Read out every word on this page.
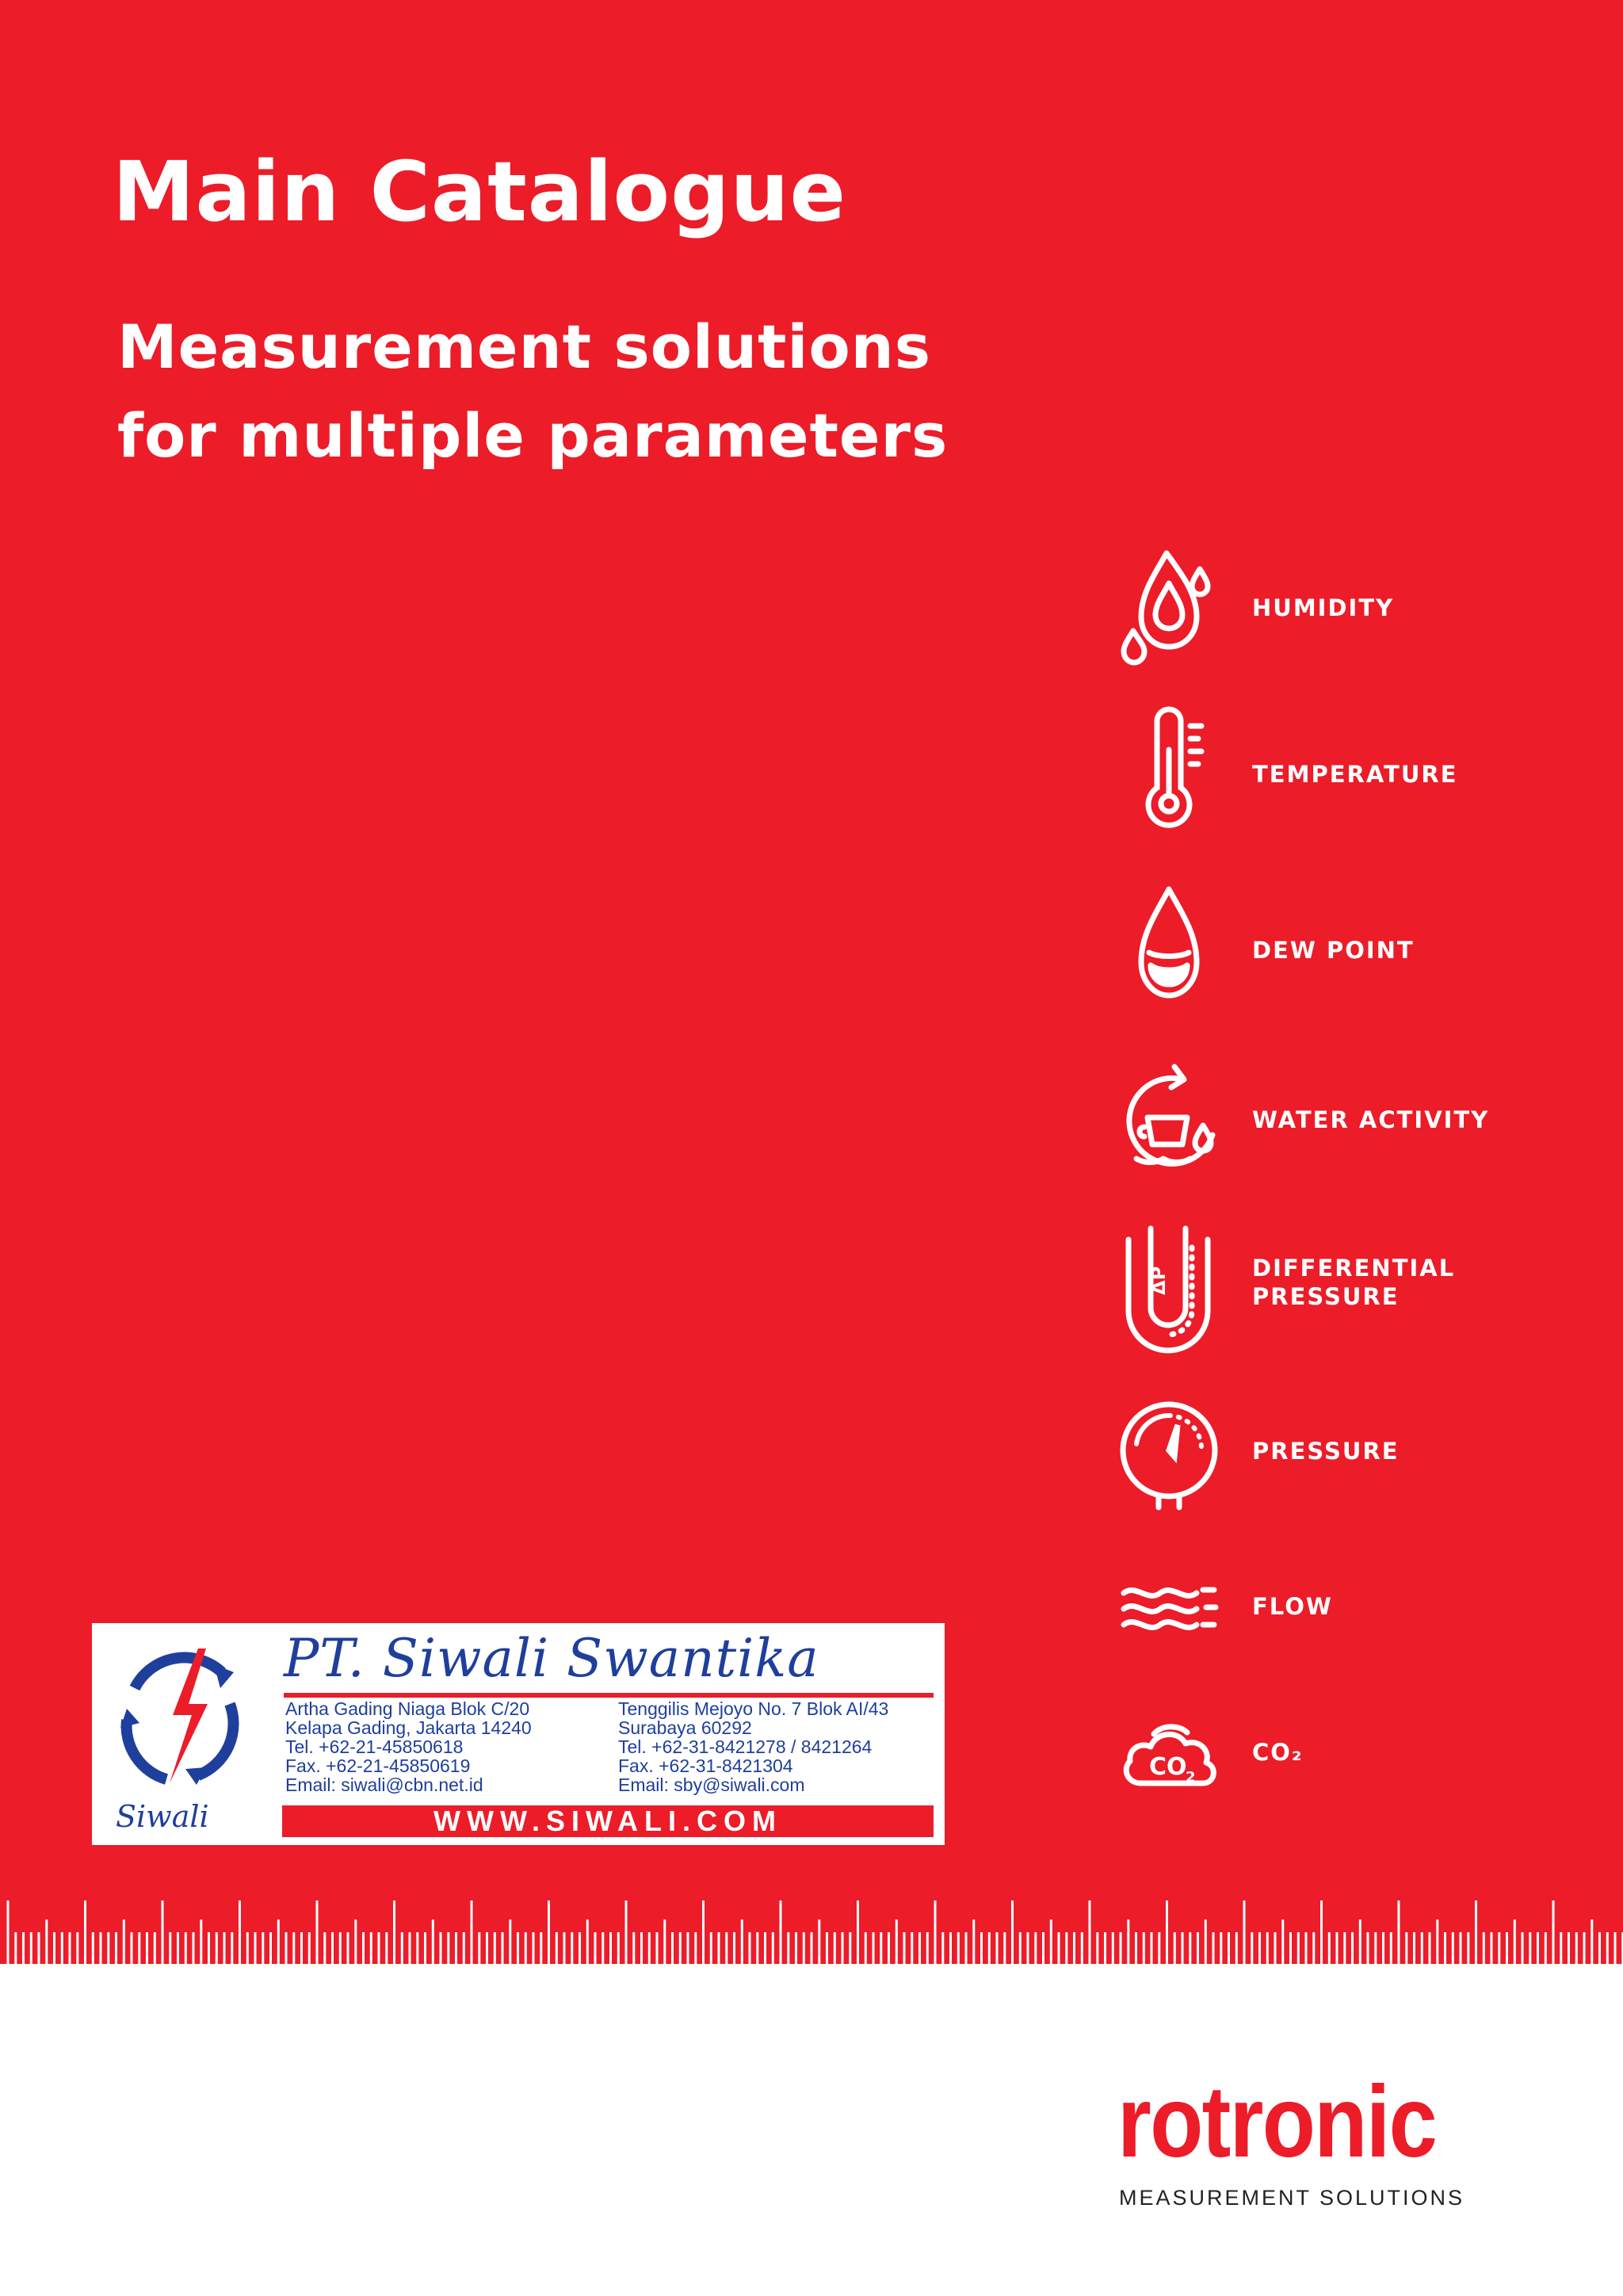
Main Catalogue
Measurement solutions
for multiple parameters
HUMIDITY
TEMPERATURE
DEW POINT
WATER ACTIVITY
ΔP	DIFFERENTIAL
PRESSURE
PRESSURE
FLOW
CO
2
CO₂
Siwali
PT. Siwali Swantika
Artha Gading Niaga Blok C/20
Kelapa Gading, Jakarta 14240
Tel. +62-21-45850618
Fax. +62-21-45850619
Email: siwali@cbn.net.id
Tenggilis Mejoyo No. 7 Blok AI/43
Surabaya 60292
Tel. +62-31-8421278 / 8421264
Fax. +62-31-8421304
Email: sby@siwali.com
WWW.SIWALI.COM
rotronic
MEASUREMENT SOLUTIONS
